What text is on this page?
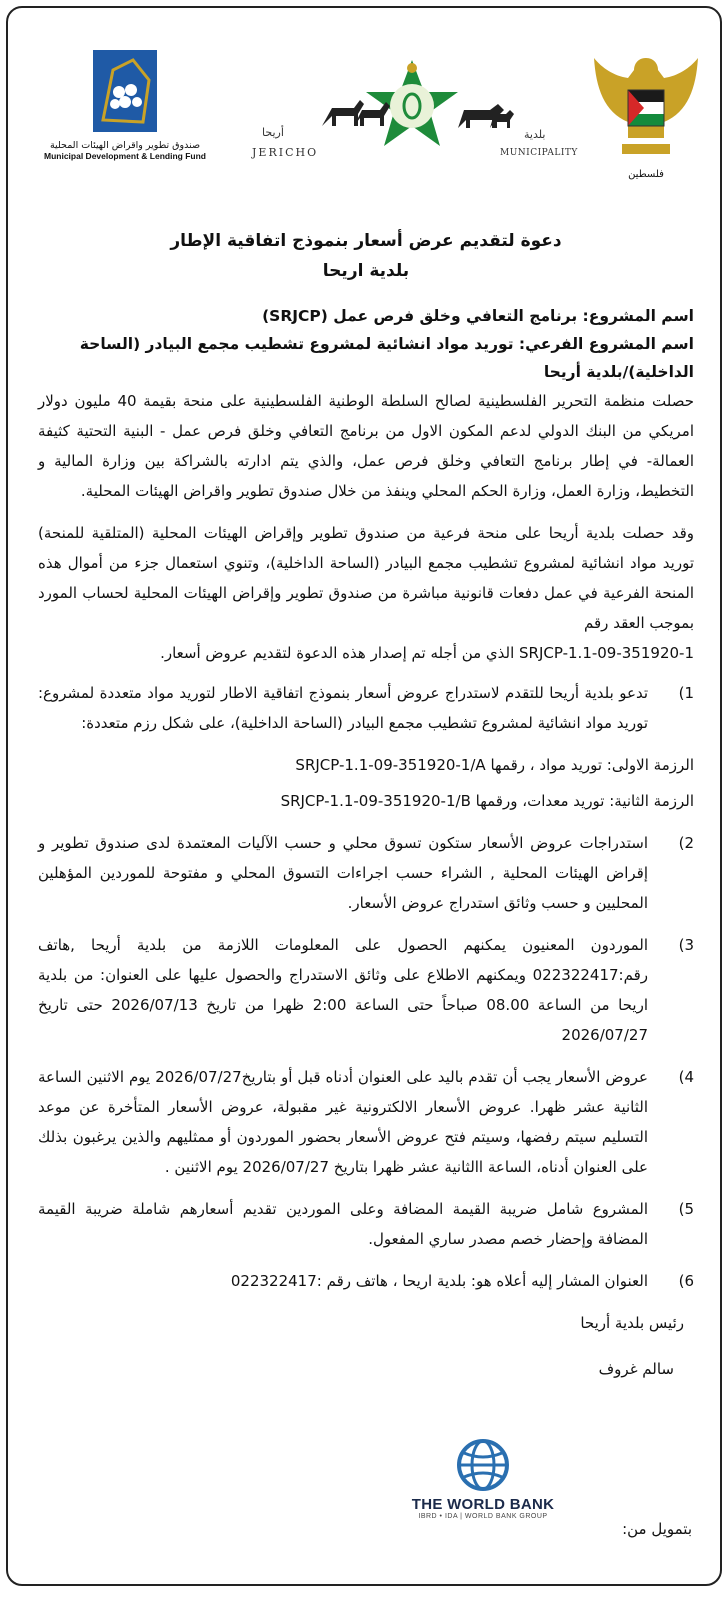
صندوق تطوير واقراض الهيئات المحلية
Municipal Development & Lending Fund
أريحا
JERICHO
بلدية
MUNICIPALITY
فلسطين

دعوة لتقديم عرض أسعار بنموذج اتفاقية الإطار

بلدية اريحا

اسم المشروع: برنامج التعافي وخلق فرص عمل (SRJCP)

اسم المشروع الفرعي: توريد مواد انشائية لمشروع تشطيب مجمع البيادر (الساحة

الداخلية)/بلدية أريحا

حصلت منظمة التحرير الفلسطينية لصالح السلطة الوطنية الفلسطينية على منحة بقيمة 40 مليون دولار امريكي من البنك الدولي لدعم المكون الاول من برنامج التعافي وخلق فرص عمل - البنية التحتية كثيفة العمالة- في إطار برنامج التعافي وخلق فرص عمل، والذي يتم ادارته بالشراكة بين وزارة المالية و التخطيط، وزارة العمل، وزارة الحكم المحلي وينفذ من خلال صندوق تطوير واقراض الهيئات المحلية.

وقد حصلت بلدية أريحا على منحة فرعية من صندوق تطوير وإقراض الهيئات المحلية (المتلقية للمنحة) توريد مواد انشائية لمشروع تشطيب مجمع البيادر (الساحة الداخلية)، وتنوي استعمال جزء من أموال هذه المنحة الفرعية في عمل دفعات قانونية مباشرة من صندوق تطوير وإقراض الهيئات المحلية لحساب المورد بموجب العقد رقم

SRJCP-1.1-09-351920-1 الذي من أجله تم إصدار هذه الدعوة لتقديم عروض أسعار.

1)
تدعو بلدية أريحا للتقدم لاستدراج عروض أسعار بنموذج اتفاقية الاطار لتوريد مواد متعددة لمشروع: توريد مواد انشائية لمشروع تشطيب مجمع البيادر (الساحة الداخلية)، على شكل رزم متعددة:

الرزمة الاولى: توريد مواد ، رقمها SRJCP-1.1-09-351920-1/A

الرزمة الثانية: توريد معدات، ورقمها SRJCP-1.1-09-351920-1/B

2)
استدراجات عروض الأسعار ستكون تسوق محلي و حسب الآليات المعتمدة لدى صندوق تطوير و إقراض الهيئات المحلية , الشراء حسب اجراءات التسوق المحلي و مفتوحة للموردين المؤهلين المحليين و حسب وثائق استدراج عروض الأسعار.
3)
الموردون المعنيون يمكنهم الحصول على المعلومات اللازمة من بلدية أريحا ,هاتف رقم:022322417 ويمكنهم الاطلاع على وثائق الاستدراج والحصول عليها على العنوان: من بلدية اريحا من الساعة 08.00 صباحاً حتى الساعة 2:00 ظهرا من تاريخ 2026/07/13 حتى تاريخ 2026/07/27
4)
عروض الأسعار يجب أن تقدم باليد على العنوان أدناه قبل أو بتاريخ2026/07/27 يوم الاثنين الساعة الثانية عشر ظهرا. عروض الأسعار الالكترونية غير مقبولة، عروض الأسعار المتأخرة عن موعد التسليم سيتم رفضها، وسيتم فتح عروض الأسعار بحضور الموردون أو ممثليهم والذين يرغبون بذلك على العنوان أدناه، الساعة االثانية عشر ظهرا بتاريخ 2026/07/27 يوم الاثنين .
5)
المشروع شامل ضريبة القيمة المضافة وعلى الموردين تقديم أسعارهم شاملة ضريبة القيمة المضافة وإحضار خصم مصدر ساري المفعول.
6)
العنوان المشار إليه أعلاه هو: بلدية اريحا ، هاتف رقم :022322417

رئيس بلدية أريحا

سالم غروف

THE WORLD BANK
IBRD • IDA | WORLD BANK GROUP
بتمويل من:
